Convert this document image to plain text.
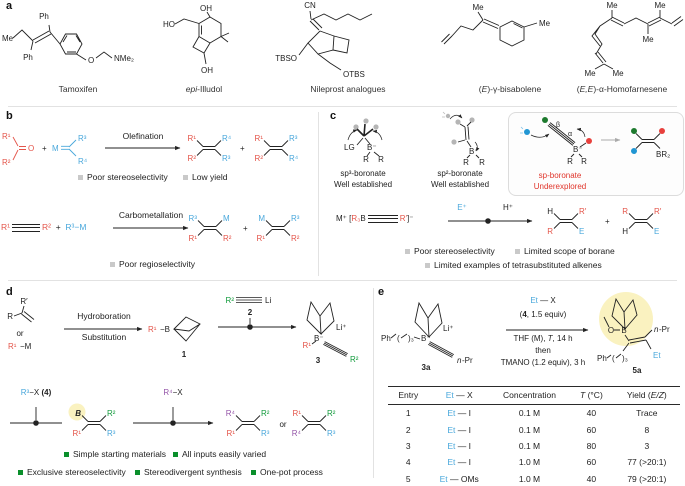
Me
Ph
Ph	O NMe₂
HO
OH
OH
CN
TBSO
OTBS
Me
Me
Me	Me
Me
Me Me
R¹
R²
O + M
R³
R⁴
R¹	R⁴
R²	R³
+
R¹	R³
R²	R⁴
R³	M
R¹	R²
+
M	R³
R¹	R²
LG B⁻
R R
B⁻
R R
β
α
B⁻
R R
BR₂
H	R′
R	E
+
R	R′
H	E
R′
R
or
R¹ −M
R¹ −B
1
R²	Li
2
B⁻
Li⁺
R¹
R²
3
B	R²
R¹	R³
R⁴	R²
R¹	R³
or
R¹	R²
R⁴	R³
Ph ( )₃ B⁻
Li⁺
n -Pr
3a
O B	n -Pr
Et
Ph ( )₃
5a
a
b	c
d	e
Tamoxifen	epi-Illudol	Nileprost analogues	(E)-γ-bisabolene	(E,E)-α-Homofarnesene
Olefination
Carbometallation
R¹	R² + R³−M
Poor stereoselectivity	Low yield
Poor regioselectivity
sp³-boronate
Well established
sp²-boronate
Well established
sp-boronate
Underexplored
M⁺ [R₃B	R′]⁻
E⁺	H⁺
Poor stereoselectivity	Limited scope of borane
Limited examples of tetrasubstituted alkenes
Hydroboration
Substitution
R³−X (4)	R⁴−X
Simple starting materials All inputs easily varied
Exclusive stereoselectivity Stereodivergent synthesis One-pot process
Et — X
(4, 1.5 equiv)
THF (M), T, 14 h
then
TMANO (1.2 equiv), 3 h
Entry	Et — X	Concentration	T (°C)	Yield (E/Z)
1	Et — I	0.1 M	40	Trace
2	Et — I	0.1 M	60	8
3	Et — I	0.1 M	80	3
4	Et — I	1.0 M	60	77 (>20:1)
5	Et — OMs	1.0 M	40	79 (>20:1)
